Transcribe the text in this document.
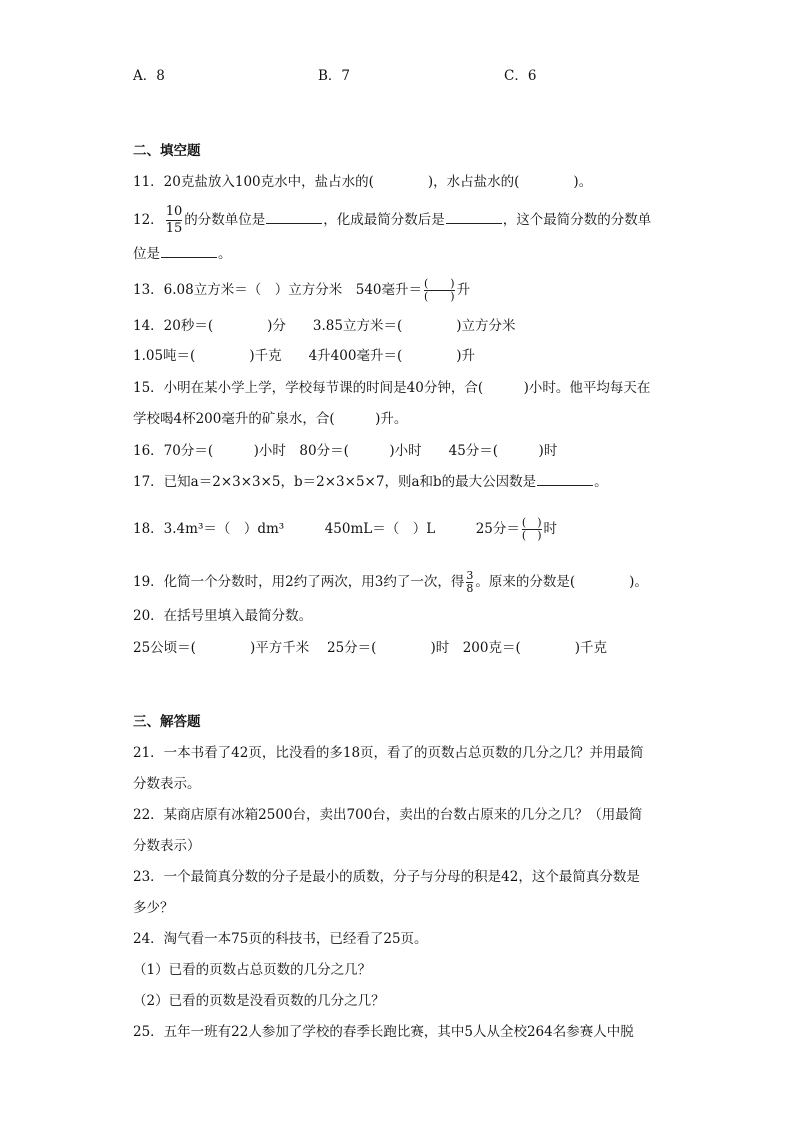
A．8	B．7	C．6
二、填空题
11．20克盐放入100克水中，盐占水的(　　　　)，水占盐水的(　　　　)。
12． $\frac{10}{15}$ 的分数单位是	，化成最简分数后是	，这个最简分数的分数单
位是	。
13．6.08立方米＝（　）立方分米　540毫升＝ (　　)
(　　) 升
14．20秒＝(　　　　)分　　3.85立方米＝(　　　　)立方分米
1.05吨＝(　　　　)千克　　4升400毫升＝(　　　　)升
15．小明在某小学上学，学校每节课的时间是40分钟，合(　　　)小时。他平均每天在
学校喝4杯200毫升的矿泉水，合(　　　)升。
16．70分＝(　　　)小时　80分＝(　　　)小时　　45分＝(　　　)时
17．已知a＝2×3×3×5，b＝2×3×5×7，则a和b的最大公因数是	。
18．3.4m³＝（　）dm³　　　450mL＝（　）L　　　25分＝ (　)
(　) 时
19．化简一个分数时，用2约了两次，用3约了一次，得 $\frac{3}{8}$ 。原来的分数是(　　　　)。
20．在括号里填入最简分数。
25公顷＝(　　　　)平方千米　 25分＝(　　　　)时　200克＝(　　　　)千克
三、解答题
21．一本书看了42页，比没看的多18页，看了的页数占总页数的几分之几？并用最简
分数表示。
22．某商店原有冰箱2500台，卖出700台，卖出的台数占原来的几分之几？（用最简
分数表示）
23．一个最简真分数的分子是最小的质数，分子与分母的积是42，这个最简真分数是
多少？
24．淘气看一本75页的科技书，已经看了25页。
（1）已看的页数占总页数的几分之几？
（2）已看的页数是没看页数的几分之几？
25．五年一班有22人参加了学校的春季长跑比赛，其中5人从全校264名参赛人中脱
